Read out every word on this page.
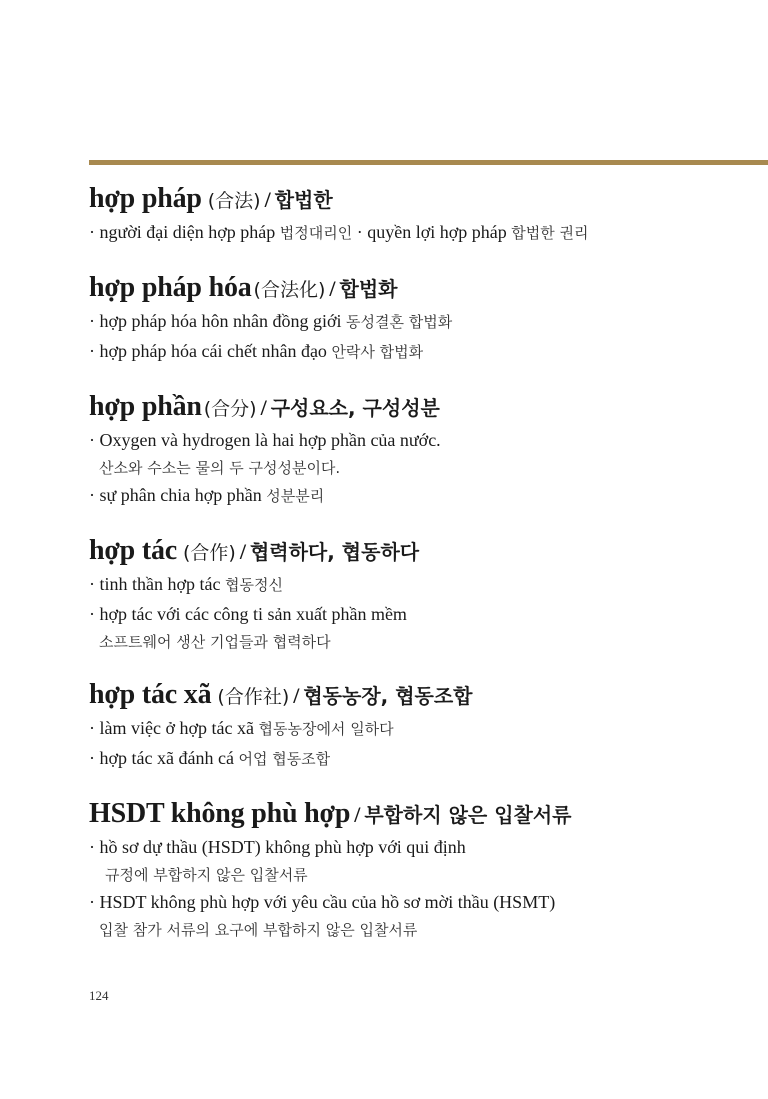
hợp pháp (合法) / 합법한
· người đại diện hợp pháp 법정대리인 · quyền lợi hợp pháp 합법한 권리
hợp pháp hóa (合法化) / 합법화
· hợp pháp hóa hôn nhân đồng giới 동성결혼 합법화
· hợp pháp hóa cái chết nhân đạo 안락사 합법화
hợp phần (合分) / 구성요소, 구성성분
· Oxygen và hydrogen là hai hợp phần của nước.
산소와 수소는 물의 두 구성성분이다.
· sự phân chia hợp phần 성분분리
hợp tác (合作) / 협력하다, 협동하다
· tinh thần hợp tác 협동정신
· hợp tác với các công ti sản xuất phần mềm
소프트웨어 생산 기업들과 협력하다
hợp tác xã (合作社) / 협동농장, 협동조합
· làm việc ở hợp tác xã 협동농장에서 일하다
· hợp tác xã đánh cá 어업 협동조합
HSDT không phù hợp / 부합하지 않은 입찰서류
· hồ sơ dự thầu (HSDT) không phù hợp với qui định
규정에 부합하지 않은 입찰서류
· HSDT không phù hợp với yêu cầu của hồ sơ mời thầu (HSMT)
입찰 참가 서류의 요구에 부합하지 않은 입찰서류
124
